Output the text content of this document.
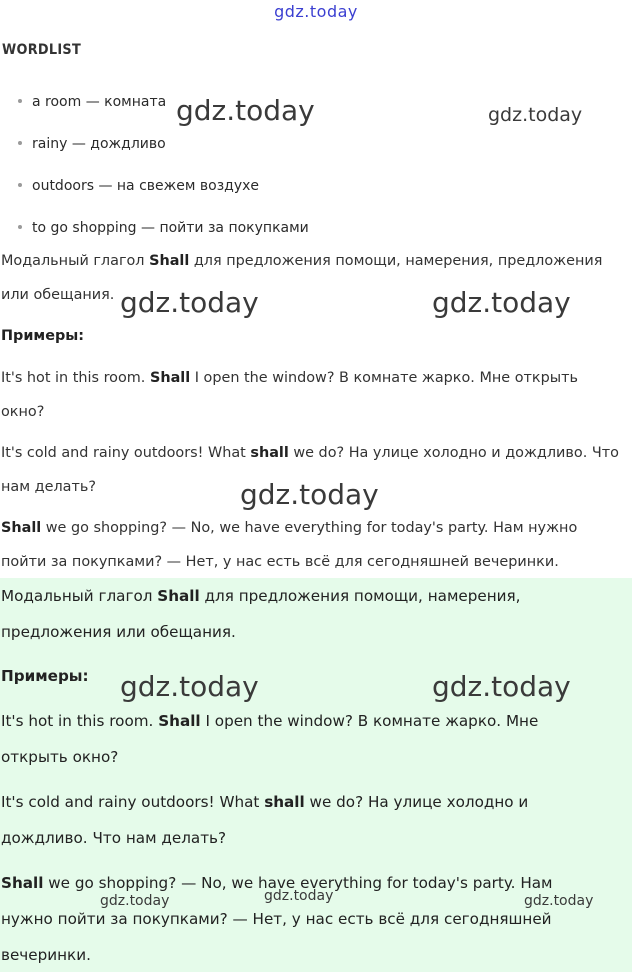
gdz.today
WORDLIST
a room — комната
rainy — дождливо
outdoors — на свежем воздухе
to go shopping — пойти за покупками
Модальный глагол Shall для предложения помощи, намерения, предложения
или обещания.
Примеры:
It's hot in this room. Shall I open the window? В комнате жарко. Мне открыть
окно?
It's cold and rainy outdoors! What shall we do? На улице холодно и дождливо. Что
нам делать?
Shall we go shopping? — No, we have everything for today's party. Нам нужно
пойти за покупками? — Нет, у нас есть всё для сегодняшней вечеринки.
Модальный глагол Shall для предложения помощи, намерения,
предложения или обещания.
Примеры:
It's hot in this room. Shall I open the window? В комнате жарко. Мне
открыть окно?
It's cold and rainy outdoors! What shall we do? На улице холодно и
дождливо. Что нам делать?
Shall we go shopping? — No, we have everything for today's party. Нам
нужно пойти за покупками? — Нет, у нас есть всё для сегодняшней
вечеринки.
gdz.today	gdz.today
gdz.today	gdz.today
gdz.today
gdz.today	gdz.today
gdz.today	gdz.today	gdz.today
